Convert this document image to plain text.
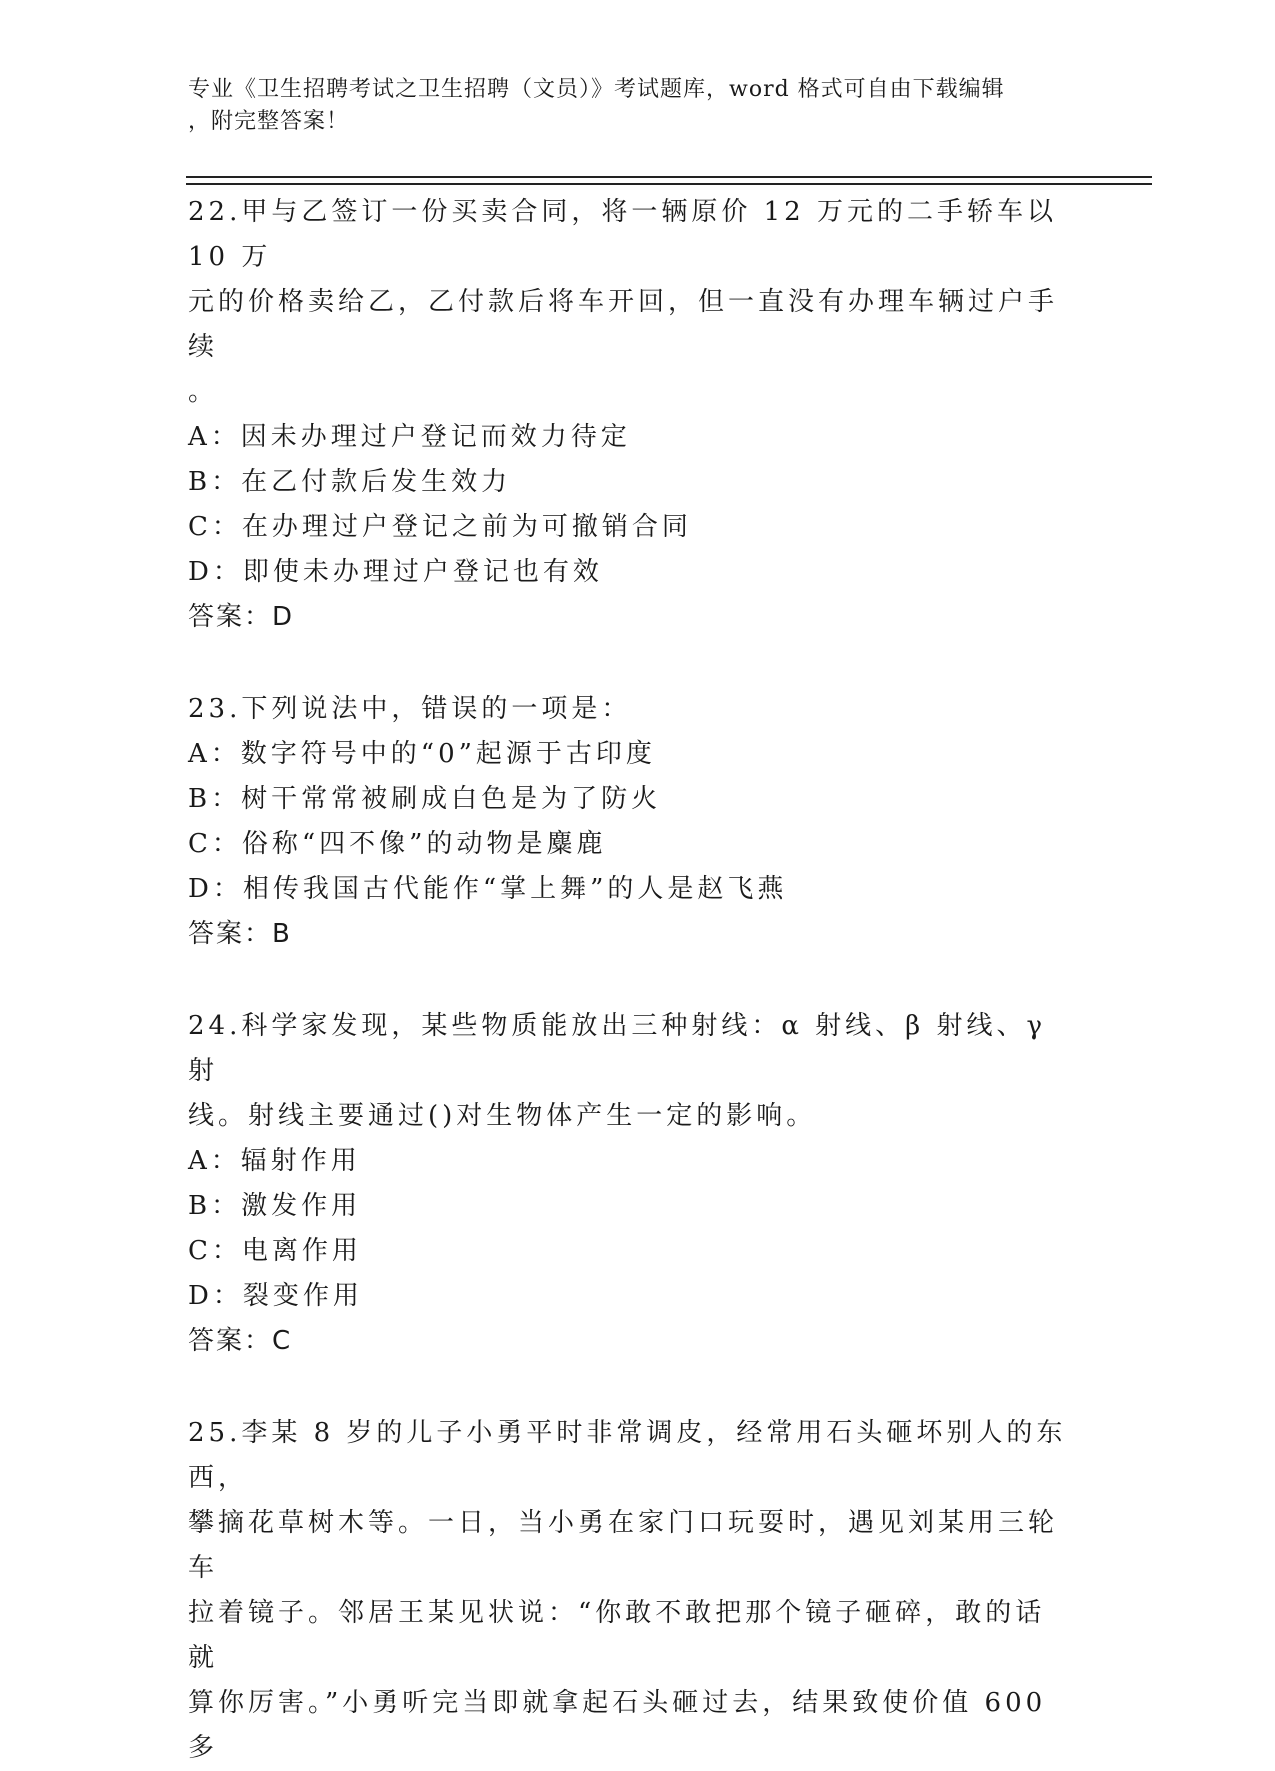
专业《卫生招聘考试之卫生招聘（文员）》考试题库，word 格式可自由下载编辑
，附完整答案！

22.甲与乙签订一份买卖合同，将一辆原价 12 万元的二手轿车以 10 万

元的价格卖给乙，乙付款后将车开回，但一直没有办理车辆过户手续

。

A：因未办理过户登记而效力待定

B：在乙付款后发生效力

C：在办理过户登记之前为可撤销合同

D：即使未办理过户登记也有效

答案：D

23.下列说法中，错误的一项是：

A：数字符号中的“0”起源于古印度

B：树干常常被刷成白色是为了防火

C：俗称“四不像”的动物是麋鹿

D：相传我国古代能作“掌上舞”的人是赵飞燕

答案：B

24.科学家发现，某些物质能放出三种射线：α 射线、β 射线、γ 射

线。射线主要通过()对生物体产生一定的影响。

A：辐射作用

B：激发作用

C：电离作用

D：裂变作用

答案：C

25.李某 8 岁的儿子小勇平时非常调皮，经常用石头砸坏别人的东西，

攀摘花草树木等。一日，当小勇在家门口玩耍时，遇见刘某用三轮车

拉着镜子。邻居王某见状说：“你敢不敢把那个镜子砸碎，敢的话就

算你厉害。”小勇听完当即就拿起石头砸过去，结果致使价值 600 多
